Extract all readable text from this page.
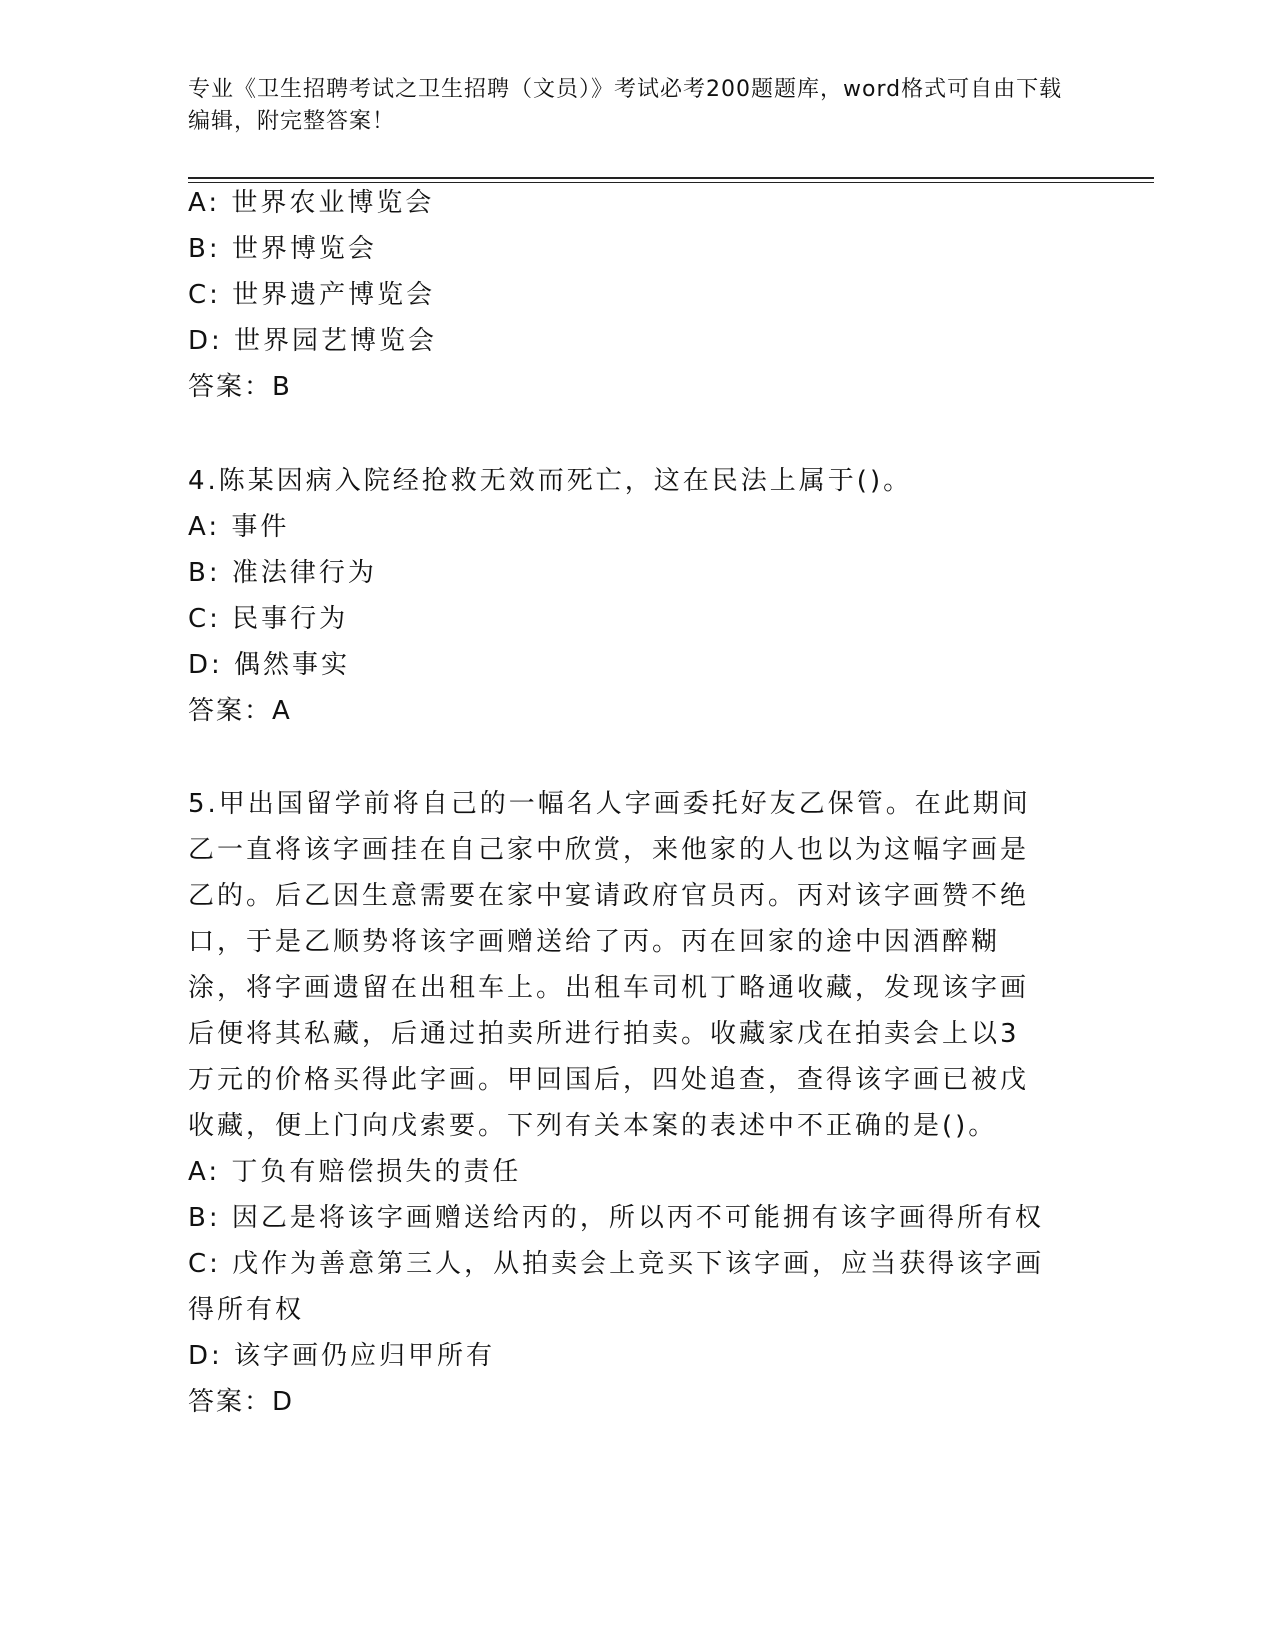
专业《卫生招聘考试之卫生招聘（文员）》考试必考200题题库，word格式可自由下载编辑，附完整答案！
A: 世界农业博览会
B: 世界博览会
C: 世界遗产博览会
D: 世界园艺博览会
答案：B
4.陈某因病入院经抢救无效而死亡，这在民法上属于()。
A: 事件
B: 准法律行为
C: 民事行为
D: 偶然事实
答案：A
5.甲出国留学前将自己的一幅名人字画委托好友乙保管。在此期间乙一直将该字画挂在自己家中欣赏，来他家的人也以为这幅字画是乙的。后乙因生意需要在家中宴请政府官员丙。丙对该字画赞不绝口，于是乙顺势将该字画赠送给了丙。丙在回家的途中因酒醉糊涂，将字画遗留在出租车上。出租车司机丁略通收藏，发现该字画后便将其私藏，后通过拍卖所进行拍卖。收藏家戊在拍卖会上以3万元的价格买得此字画。甲回国后，四处追查，查得该字画已被戊收藏，便上门向戊索要。下列有关本案的表述中不正确的是()。
A: 丁负有赔偿损失的责任
B: 因乙是将该字画赠送给丙的，所以丙不可能拥有该字画得所有权
C: 戊作为善意第三人，从拍卖会上竞买下该字画，应当获得该字画得所有权
D: 该字画仍应归甲所有
答案：D
